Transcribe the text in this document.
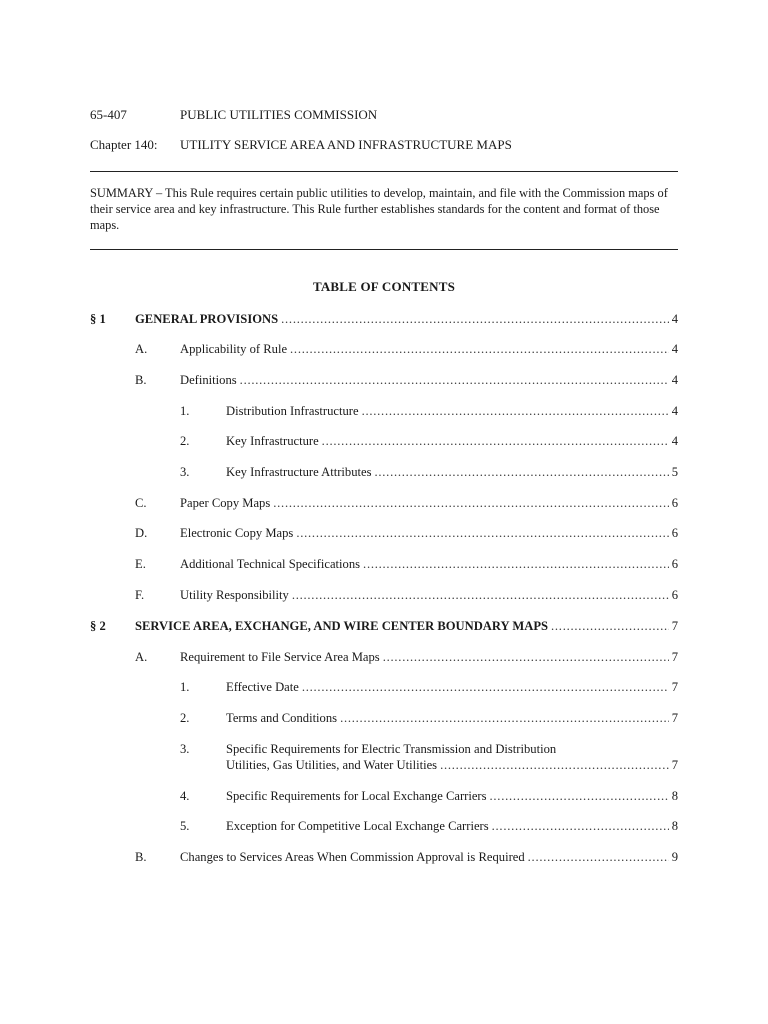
65-407	PUBLIC UTILITIES COMMISSION
Chapter 140: UTILITY SERVICE AREA AND INFRASTRUCTURE MAPS
SUMMARY – This Rule requires certain public utilities to develop, maintain, and file with the Commission maps of their service area and key infrastructure. This Rule further establishes standards for the content and format of those maps.
TABLE OF CONTENTS
§ 1 GENERAL PROVISIONS . . .	4
A.	Applicability of Rule . . .	4
B.	Definitions . . .	4
1.	Distribution Infrastructure . . .	4
2.	Key Infrastructure . . .	4
3.	Key Infrastructure Attributes . . .	5
C.	Paper Copy Maps . . .	6
D.	Electronic Copy Maps . . .	6
E.	Additional Technical Specifications . . .	6
F.	Utility Responsibility . . .	6
§ 2 SERVICE AREA, EXCHANGE, AND WIRE CENTER BOUNDARY MAPS . . .	7
A.	Requirement to File Service Area Maps . . .	7
1.	Effective Date . . .	7
2.	Terms and Conditions . . .	7
3.	Specific Requirements for Electric Transmission and Distribution
Utilities, Gas Utilities, and Water Utilities . . .	7
4.	Specific Requirements for Local Exchange Carriers . . .	8
5.	Exception for Competitive Local Exchange Carriers . . .	8
B.	Changes to Services Areas When Commission Approval is Required . . .	9
